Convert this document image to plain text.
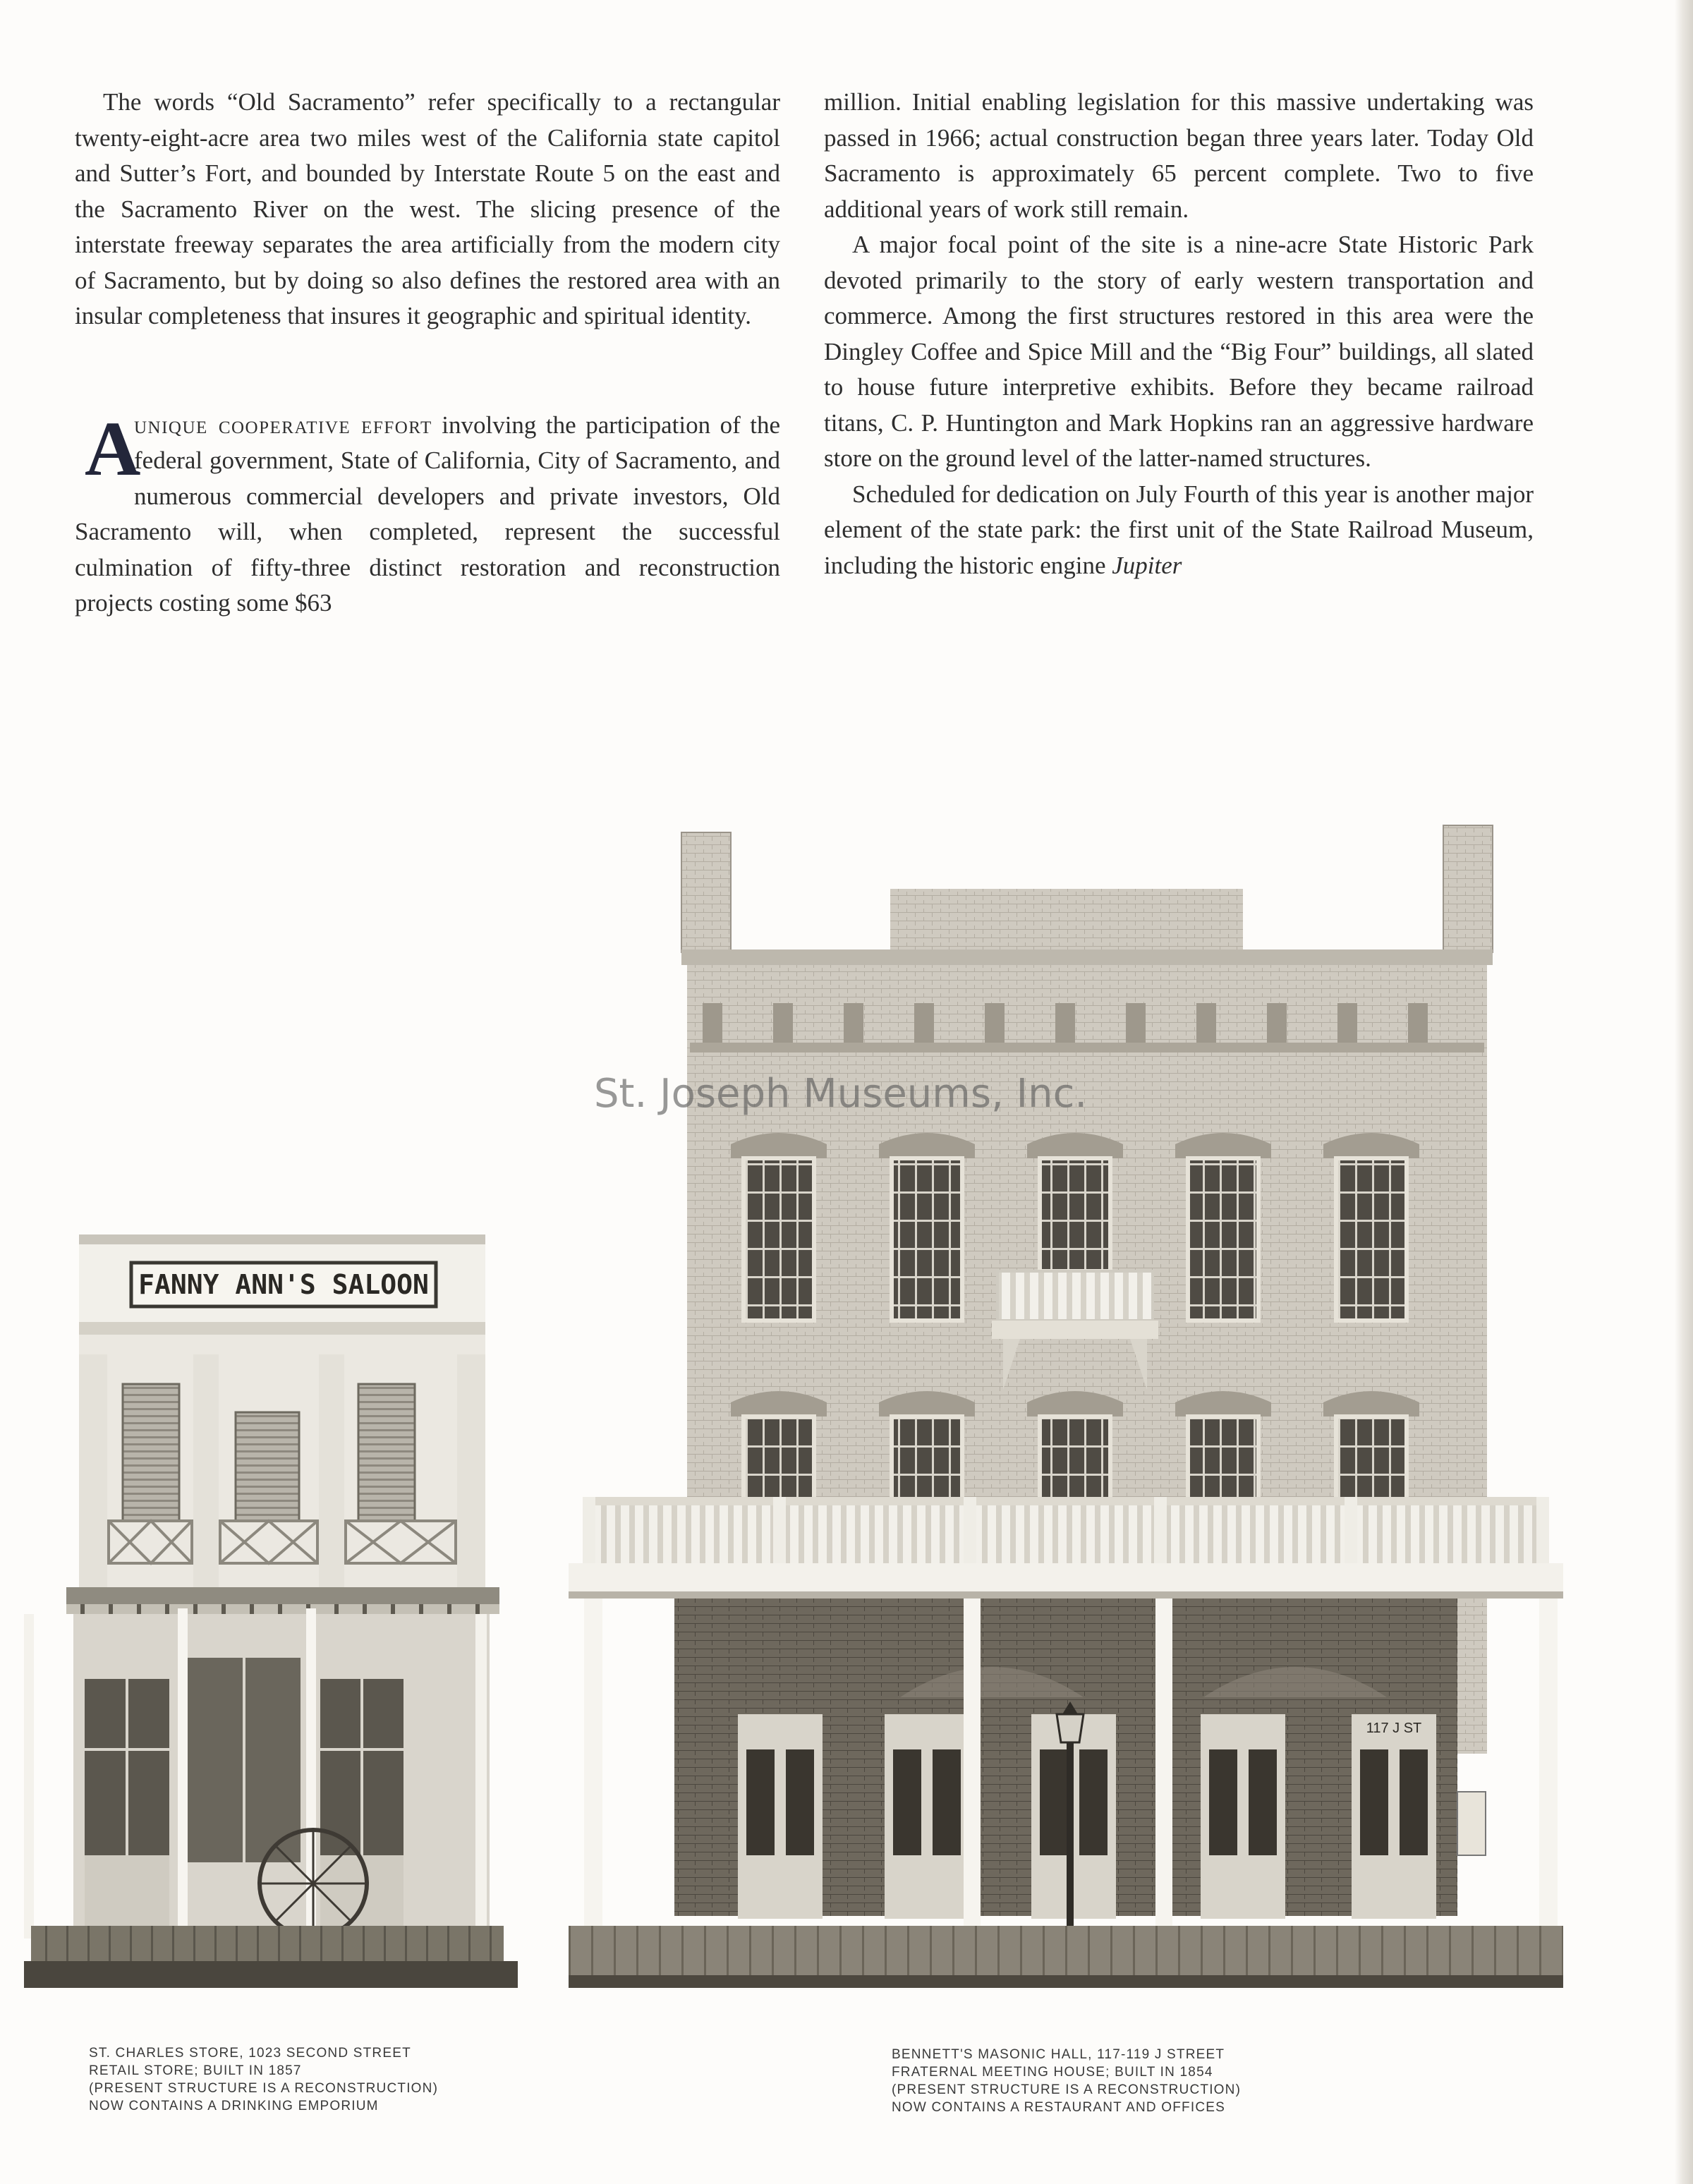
The words “Old Sacramento” refer specifically to a rectangular twenty-eight-acre area two miles west of the California state capitol and Sutter’s Fort, and bounded by Interstate Route 5 on the east and the Sacramento River on the west. The slicing presence of the interstate freeway separates the area artificially from the modern city of Sacramento, but by doing so also defines the restored area with an insular completeness that insures it geographic and spiritual identity.

A
unique cooperative effort involving the participation of the federal government, State of California, City of Sacramento, and numerous commercial developers and private investors, Old Sacramento will, when completed, represent the successful culmination of fifty-three distinct restoration and reconstruction projects costing some $63

million. Initial enabling legislation for this massive undertaking was passed in 1966; actual construction began three years later. Today Old Sacramento is approximately 65 percent complete. Two to five additional years of work still remain.

A major focal point of the site is a nine-acre State Historic Park devoted primarily to the story of early western transportation and commerce. Among the first structures restored in this area were the Dingley Coffee and Spice Mill and the “Big Four” buildings, all slated to house future interpretive exhibits. Before they became railroad titans, C. P. Huntington and Mark Hopkins ran an aggressive hardware store on the ground level of the latter-named structures.

Scheduled for dedication on July Fourth of this year is another major element of the state park: the first unit of the State Railroad Museum, including the historic engine Jupiter

FANNY ANN'S SALOON
117 J ST
St. Joseph Museums, Inc.
ST. CHARLES STORE, 1023 SECOND STREET
RETAIL STORE; BUILT IN 1857
(PRESENT STRUCTURE IS A RECONSTRUCTION)
NOW CONTAINS A DRINKING EMPORIUM
BENNETT'S MASONIC HALL, 117-119 J STREET
FRATERNAL MEETING HOUSE; BUILT IN 1854
(PRESENT STRUCTURE IS A RECONSTRUCTION)
NOW CONTAINS A RESTAURANT AND OFFICES
